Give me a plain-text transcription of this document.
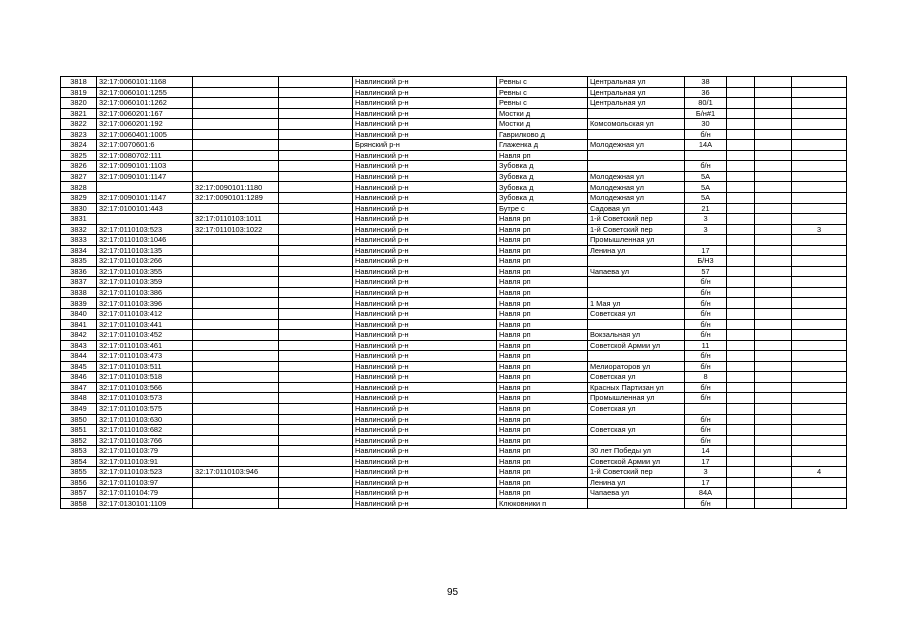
3818	32:17:0060101:1168			Навлинский р-н	Ревны с	Центральная ул	38			
3819	32:17:0060101:1255			Навлинский р-н	Ревны с	Центральная ул	36			
3820	32:17:0060101:1262			Навлинский р-н	Ревны с	Центральная ул	80/1			
3821	32:17:0060201:167			Навлинский р-н	Мостки д		Б/н#1			
3822	32:17:0060201:192			Навлинский р-н	Мостки д	Комсомольская ул	30			
3823	32:17:0060401:1005			Навлинский р-н	Гаврилково д		б/н			
3824	32:17:0070601:6			Брянский р-н	Глаженка д	Молодежная ул	14А			
3825	32:17:0080702:111			Навлинский р-н	Навля рп					
3826	32:17:0090101:1103			Навлинский р-н	Зубовка д		б/н			
3827	32:17:0090101:1147			Навлинский р-н	Зубовка д	Молодежная ул	5А			
3828		32:17:0090101:1180		Навлинский р-н	Зубовка д	Молодежная ул	5А			
3829	32:17:0090101:1147	32:17:0090101:1289		Навлинский р-н	Зубовка д	Молодежная ул	5А			
3830	32:17:0100101:443			Навлинский р-н	Бутре с	Садовая ул	21			
3831		32:17:0110103:1011		Навлинский р-н	Навля рп	1-й Советский пер	3			
3832	32:17:0110103:523	32:17:0110103:1022		Навлинский р-н	Навля рп	1-й Советский пер	3			3
3833	32:17:0110103:1046			Навлинский р-н	Навля рп	Промышленная ул				
3834	32:17:0110103:135			Навлинский р-н	Навля рп	Ленина ул	17			
3835	32:17:0110103:266			Навлинский р-н	Навля рп		Б/Н3			
3836	32:17:0110103:355			Навлинский р-н	Навля рп	Чапаева ул	57			
3837	32:17:0110103:359			Навлинский р-н	Навля рп		б/н			
3838	32:17:0110103:386			Навлинский р-н	Навля рп		б/н			
3839	32:17:0110103:396			Навлинский р-н	Навля рп	1 Мая ул	б/н			
3840	32:17:0110103:412			Навлинский р-н	Навля рп	Советская ул	б/н			
3841	32:17:0110103:441			Навлинский р-н	Навля рп		б/н			
3842	32:17:0110103:452			Навлинский р-н	Навля рп	Вокзальная ул	б/н			
3843	32:17:0110103:461			Навлинский р-н	Навля рп	Советской Армии ул	11			
3844	32:17:0110103:473			Навлинский р-н	Навля рп		б/н			
3845	32:17:0110103:511			Навлинский р-н	Навля рп	Мелиораторов ул	б/н			
3846	32:17:0110103:518			Навлинский р-н	Навля рп	Советская ул	8			
3847	32:17:0110103:566			Навлинский р-н	Навля рп	Красных Партизан ул	б/н			
3848	32:17:0110103:573			Навлинский р-н	Навля рп	Промышленная ул	б/н			
3849	32:17:0110103:575			Навлинский р-н	Навля рп	Советская ул				
3850	32:17:0110103:630			Навлинский р-н	Навля рп		б/н			
3851	32:17:0110103:682			Навлинский р-н	Навля рп	Советская ул	б/н			
3852	32:17:0110103:766			Навлинский р-н	Навля рп		б/н			
3853	32:17:0110103:79			Навлинский р-н	Навля рп	30 лет Победы ул	14			
3854	32:17:0110103:91			Навлинский р-н	Навля рп	Советской Армии ул	17			
3855	32:17:0110103:523	32:17:0110103:946		Навлинский р-н	Навля рп	1-й Советский пер	3			4
3856	32:17:0110103:97			Навлинский р-н	Навля рп	Ленина ул	17			
3857	32:17:0110104:79			Навлинский р-н	Навля рп	Чапаева ул	84А			
3858	32:17:0130101:1109			Навлинский р-н	Клюковники п		б/н			
95
